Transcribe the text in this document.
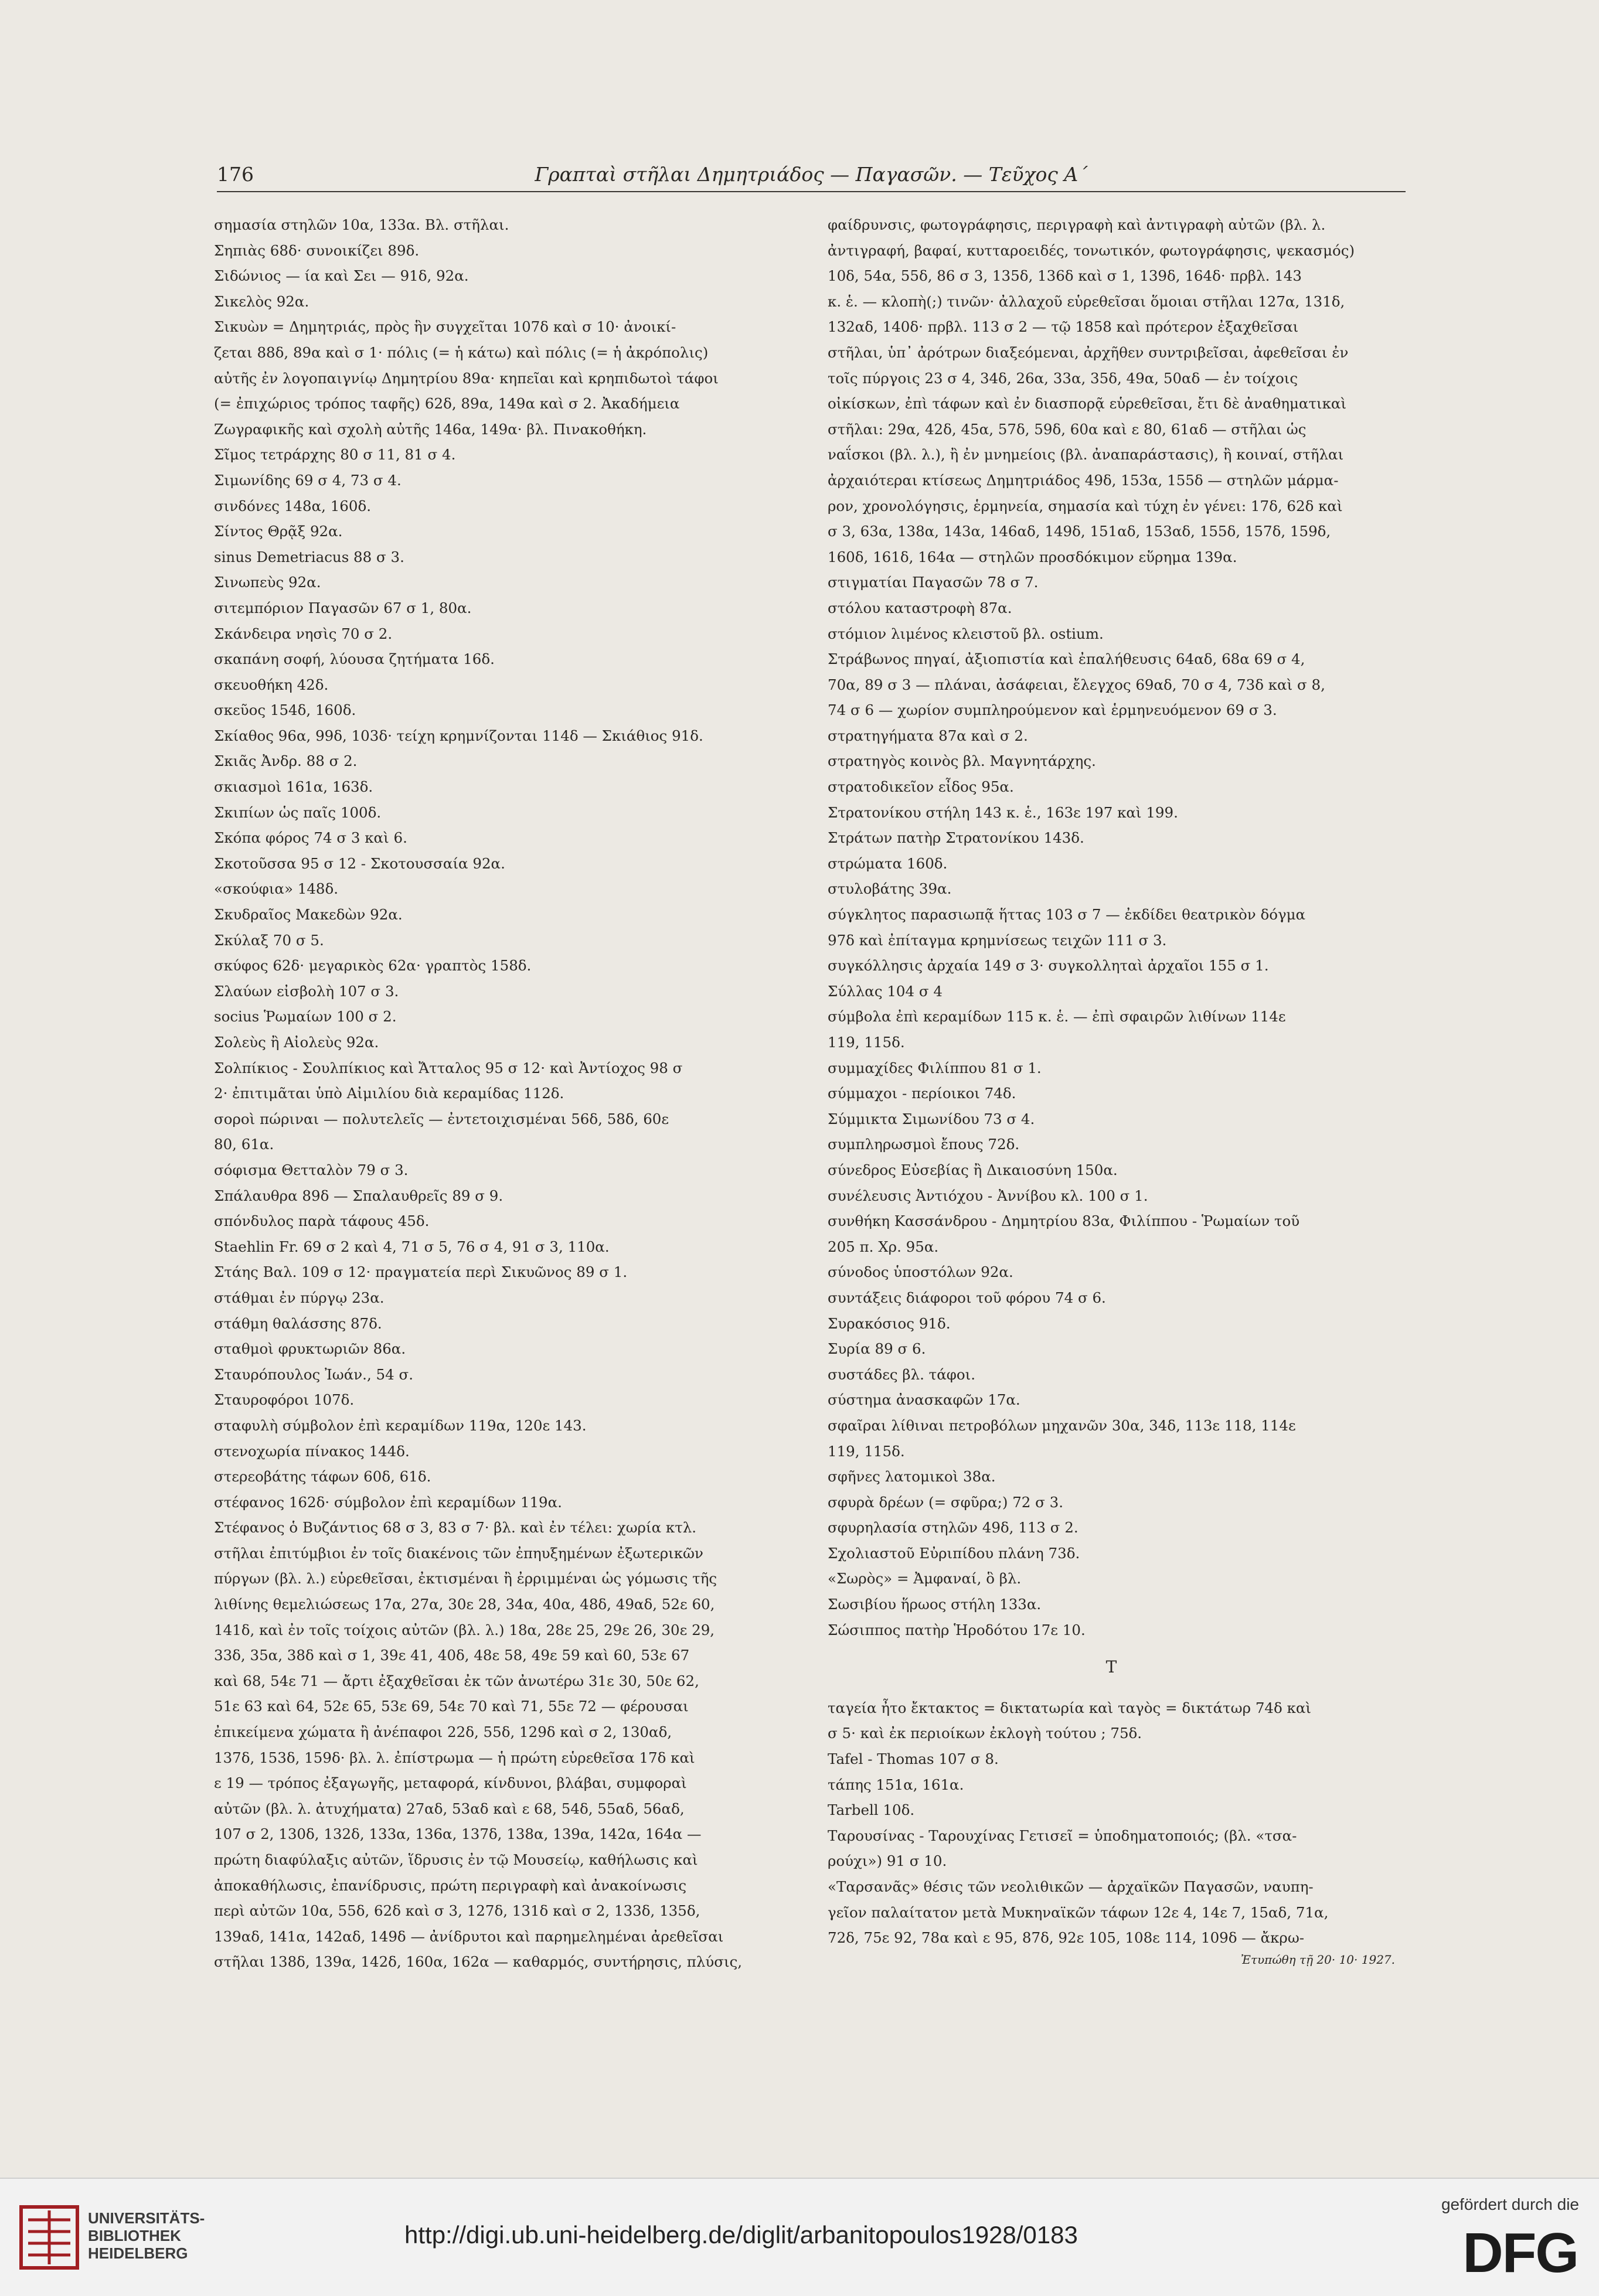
176	Γραπταὶ στῆλαι Δημητριάδος — Παγασῶν. — Τεῦχος Α΄

σημασία στηλῶν 10α, 133α. Βλ. στῆλαι.

Σηπιὰς 68δ· συνοικίζει 89δ.

Σιδώνιος — ία καὶ Σει — 91δ, 92α.

Σικελὸς 92α.

Σικυὼν = Δημητριάς, πρὸς ἣν συγχεῖται 107δ καὶ σ 10· ἀνοικί-

ζεται 88δ, 89α καὶ σ 1· πόλις (= ἡ κάτω) καὶ πόλις (= ἡ ἀκρόπολις)

αὐτῆς ἐν λογοπαιγνίῳ Δημητρίου 89α· κηπεῖαι καὶ κρηπιδωτοὶ τάφοι

(= ἐπιχώριος τρόπος ταφῆς) 62δ, 89α, 149α καὶ σ 2. Ἀκαδήμεια

Ζωγραφικῆς καὶ σχολὴ αὐτῆς 146α, 149α· βλ. Πινακοθήκη.

Σῖμος τετράρχης 80 σ 11, 81 σ 4.

Σιμωνίδης 69 σ 4, 73 σ 4.

σινδόνες 148α, 160δ.

Σίντος Θρᾷξ 92α.

sinus Demetriacus 88 σ 3.

Σινωπεὺς 92α.

σιτεμπόριον Παγασῶν 67 σ 1, 80α.

Σκάνδειρα νησὶς 70 σ 2.

σκαπάνη σοφή, λύουσα ζητήματα 16δ.

σκευοθήκη 42δ.

σκεῦος 154δ, 160δ.

Σκίαθος 96α, 99δ, 103δ· τείχη κρημνίζονται 114δ — Σκιάθιος 91δ.

Σκιᾶς Ἀνδρ. 88 σ 2.

σκιασμοὶ 161α, 163δ.

Σκιπίων ὡς παῖς 100δ.

Σκόπα φόρος 74 σ 3 καὶ 6.

Σκοτοῦσσα 95 σ 12 - Σκοτουσσαία 92α.

«σκούφια» 148δ.

Σκυδραῖος Μακεδὼν 92α.

Σκύλαξ 70 σ 5.

σκύφος 62δ· μεγαρικὸς 62α· γραπτὸς 158δ.

Σλαύων εἰσβολὴ 107 σ 3.

socius Ῥωμαίων 100 σ 2.

Σολεὺς ἢ Αἰολεὺς 92α.

Σολπίκιος - Σουλπίκιος καὶ Ἄτταλος 95 σ 12· καὶ Ἀντίοχος 98 σ

2· ἐπιτιμᾶται ὑπὸ Αἰμιλίου διὰ κεραμίδας 112δ.

σοροὶ πώριναι — πολυτελεῖς — ἐντετοιχισμέναι 56δ, 58δ, 60ε

80, 61α.

σόφισμα Θετταλὸν 79 σ 3.

Σπάλαυθρα 89δ — Σπαλαυθρεῖς 89 σ 9.

σπόνδυλος παρὰ τάφους 45δ.

Staehlin Fr. 69 σ 2 καὶ 4, 71 σ 5, 76 σ 4, 91 σ 3, 110α.

Στάης Βαλ. 109 σ 12· πραγματεία περὶ Σικυῶνος 89 σ 1.

στάθμαι ἐν πύργῳ 23α.

στάθμη θαλάσσης 87δ.

σταθμοὶ φρυκτωριῶν 86α.

Σταυρόπουλος Ἰωάν., 54 σ.

Σταυροφόροι 107δ.

σταφυλὴ σύμβολον ἐπὶ κεραμίδων 119α, 120ε 143.

στενοχωρία πίνακος 144δ.

στερεοβάτης τάφων 60δ, 61δ.

στέφανος 162δ· σύμβολον ἐπὶ κεραμίδων 119α.

Στέφανος ὁ Βυζάντιος 68 σ 3, 83 σ 7· βλ. καὶ ἐν τέλει: χωρία κτλ.

στῆλαι ἐπιτύμβιοι ἐν τοῖς διακένοις τῶν ἐπηυξημένων ἐξωτερικῶν

πύργων (βλ. λ.) εὑρεθεῖσαι, ἐκτισμέναι ἢ ἐρριμμέναι ὡς γόμωσις τῆς

λιθίνης θεμελιώσεως 17α, 27α, 30ε 28, 34α, 40α, 48δ, 49αδ, 52ε 60,

141δ, καὶ ἐν τοῖς τοίχοις αὐτῶν (βλ. λ.) 18α, 28ε 25, 29ε 26, 30ε 29,

33δ, 35α, 38δ καὶ σ 1, 39ε 41, 40δ, 48ε 58, 49ε 59 καὶ 60, 53ε 67

καὶ 68, 54ε 71 — ἄρτι ἐξαχθεῖσαι ἐκ τῶν ἀνωτέρω 31ε 30, 50ε 62,

51ε 63 καὶ 64, 52ε 65, 53ε 69, 54ε 70 καὶ 71, 55ε 72 — φέρουσαι

ἐπικείμενα χώματα ἢ ἀνέπαφοι 22δ, 55δ, 129δ καὶ σ 2, 130αδ,

137δ, 153δ, 159δ· βλ. λ. ἐπίστρωμα — ἡ πρώτη εὑρεθεῖσα 17δ καὶ

ε 19 — τρόπος ἐξαγωγῆς, μεταφορά, κίνδυνοι, βλάβαι, συμφοραὶ

αὐτῶν (βλ. λ. ἀτυχήματα) 27αδ, 53αδ καὶ ε 68, 54δ, 55αδ, 56αδ,

107 σ 2, 130δ, 132δ, 133α, 136α, 137δ, 138α, 139α, 142α, 164α —

πρώτη διαφύλαξις αὐτῶν, ἵδρυσις ἐν τῷ Μουσείῳ, καθήλωσις καὶ

ἀποκαθήλωσις, ἐπανίδρυσις, πρώτη περιγραφὴ καὶ ἀνακοίνωσις

περὶ αὐτῶν 10α, 55δ, 62δ καὶ σ 3, 127δ, 131δ καὶ σ 2, 133δ, 135δ,

139αδ, 141α, 142αδ, 149δ — ἀνίδρυτοι καὶ παρημελημέναι ἀρεθεῖσαι

στῆλαι 138δ, 139α, 142δ, 160α, 162α — καθαρμός, συντήρησις, πλύσις,

φαίδρυνσις, φωτογράφησις, περιγραφὴ καὶ ἀντιγραφὴ αὐτῶν (βλ. λ.

ἀντιγραφή, βαφαί, κυτταροειδές, τονωτικόν, φωτογράφησις, ψεκασμός)

10δ, 54α, 55δ, 86 σ 3, 135δ, 136δ καὶ σ 1, 139δ, 164δ· πρβλ. 143

κ. ἑ. — κλοπὴ(;) τινῶν· ἀλλαχοῦ εὑρεθεῖσαι ὅμοιαι στῆλαι 127α, 131δ,

132αδ, 140δ· πρβλ. 113 σ 2 — τῷ 1858 καὶ πρότερον ἐξαχθεῖσαι

στῆλαι, ὑπ᾽ ἀρότρων διαξεόμεναι, ἀρχῆθεν συντριβεῖσαι, ἀφεθεῖσαι ἐν

τοῖς πύργοις 23 σ 4, 34δ, 26α, 33α, 35δ, 49α, 50αδ — ἐν τοίχοις

οἰκίσκων, ἐπὶ τάφων καὶ ἐν διασπορᾷ εὑρεθεῖσαι, ἔτι δὲ ἀναθηματικαὶ

στῆλαι: 29α, 42δ, 45α, 57δ, 59δ, 60α καὶ ε 80, 61αδ — στῆλαι ὡς

ναΐσκοι (βλ. λ.), ἢ ἐν μνημείοις (βλ. ἀναπαράστασις), ἢ κοιναί, στῆλαι

ἀρχαιότεραι κτίσεως Δημητριάδος 49δ, 153α, 155δ — στηλῶν μάρμα-

ρον, χρονολόγησις, ἑρμηνεία, σημασία καὶ τύχη ἐν γένει: 17δ, 62δ καὶ

σ 3, 63α, 138α, 143α, 146αδ, 149δ, 151αδ, 153αδ, 155δ, 157δ, 159δ,

160δ, 161δ, 164α — στηλῶν προσδόκιμον εὕρημα 139α.

στιγματίαι Παγασῶν 78 σ 7.

στόλου καταστροφὴ 87α.

στόμιον λιμένος κλειστοῦ βλ. ostium.

Στράβωνος πηγαί, ἀξιοπιστία καὶ ἐπαλήθευσις 64αδ, 68α 69 σ 4,

70α, 89 σ 3 — πλάναι, ἀσάφειαι, ἔλεγχος 69αδ, 70 σ 4, 73δ καὶ σ 8,

74 σ 6 — χωρίον συμπληρούμενον καὶ ἑρμηνευόμενον 69 σ 3.

στρατηγήματα 87α καὶ σ 2.

στρατηγὸς κοινὸς βλ. Μαγνητάρχης.

στρατοδικεῖον εἶδος 95α.

Στρατονίκου στήλη 143 κ. ἑ., 163ε 197 καὶ 199.

Στράτων πατὴρ Στρατονίκου 143δ.

στρώματα 160δ.

στυλοβάτης 39α.

σύγκλητος παρασιωπᾷ ἥττας 103 σ 7 — ἐκδίδει θεατρικὸν δόγμα

97δ καὶ ἐπίταγμα κρημνίσεως τειχῶν 111 σ 3.

συγκόλλησις ἀρχαία 149 σ 3· συγκολληταὶ ἀρχαῖοι 155 σ 1.

Σύλλας 104 σ 4

σύμβολα ἐπὶ κεραμίδων 115 κ. ἑ. — ἐπὶ σφαιρῶν λιθίνων 114ε

119, 115δ.

συμμαχίδες Φιλίππου 81 σ 1.

σύμμαχοι - περίοικοι 74δ.

Σύμμικτα Σιμωνίδου 73 σ 4.

συμπληρωσμοὶ ἔπους 72δ.

σύνεδρος Εὐσεβίας ἢ Δικαιοσύνη 150α.

συνέλευσις Ἀντιόχου - Ἀννίβου κλ. 100 σ 1.

συνθήκη Κασσάνδρου - Δημητρίου 83α, Φιλίππου - Ῥωμαίων τοῦ

205 π. Χρ. 95α.

σύνοδος ὑποστόλων 92α.

συντάξεις διάφοροι τοῦ φόρου 74 σ 6.

Συρακόσιος 91δ.

Συρία 89 σ 6.

συστάδες βλ. τάφοι.

σύστημα ἀνασκαφῶν 17α.

σφαῖραι λίθιναι πετροβόλων μηχανῶν 30α, 34δ, 113ε 118, 114ε

119, 115δ.

σφῆνες λατομικοὶ 38α.

σφυρὰ δρέων (= σφῦρα;) 72 σ 3.

σφυρηλασία στηλῶν 49δ, 113 σ 2.

Σχολιαστοῦ Εὐριπίδου πλάνη 73δ.

«Σωρὸς» = Ἀμφαναί, ὃ βλ.

Σωσιβίου ἥρωος στήλη 133α.

Σώσιππος πατὴρ Ἡροδότου 17ε 10.

Τ

ταγεία ἦτο ἔκτακτος = δικτατωρία καὶ ταγὸς = δικτάτωρ 74δ καὶ

σ 5· καὶ ἐκ περιοίκων ἐκλογὴ τούτου ; 75δ.

Tafel - Thomas 107 σ 8.

τάπης 151α, 161α.

Tarbell 10δ.

Ταρουσίνας - Ταρουχίνας Γετισεῖ = ὑποδηματοποιός; (βλ. «τσα-

ρούχι») 91 σ 10.

«Ταρσανᾶς» θέσις τῶν νεολιθικῶν — ἀρχαϊκῶν Παγασῶν, ναυπη-

γεῖον παλαίτατον μετὰ Μυκηναϊκῶν τάφων 12ε 4, 14ε 7, 15αδ, 71α,

72δ, 75ε 92, 78α καὶ ε 95, 87δ, 92ε 105, 108ε 114, 109δ — ἄκρω-

Ἐτυπώθη τῇ 20· 10· 1927.

UNIVERSITÄTS-
BIBLIOTHEK
HEIDELBERG
http://digi.ub.uni-heidelberg.de/diglit/arbanitopoulos1928/0183
gefördert durch die
DFG
